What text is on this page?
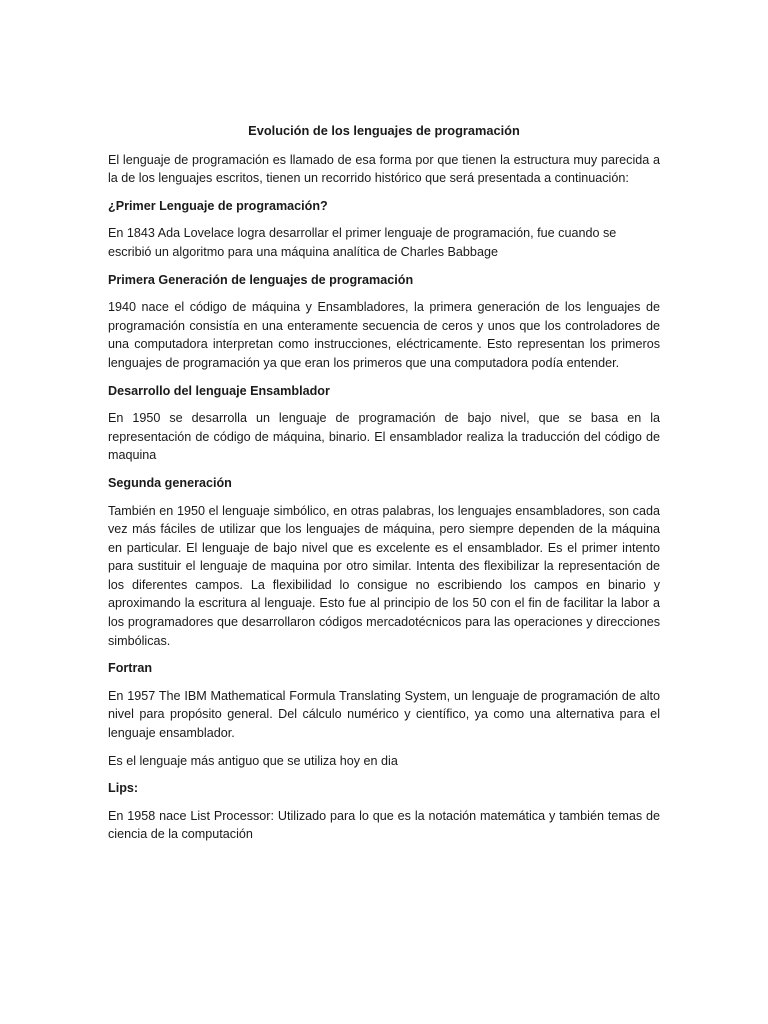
Evolución de los lenguajes de programación

El lenguaje de programación es llamado de esa forma por que tienen la estructura muy parecida a la de los lenguajes escritos, tienen un recorrido histórico que será presentada a continuación:

¿Primer Lenguaje de programación?

En 1843 Ada Lovelace logra desarrollar el primer lenguaje de programación, fue cuando se escribió un algoritmo para una máquina analítica de Charles Babbage

Primera Generación de lenguajes de programación

1940 nace el código de máquina y Ensambladores, la primera generación de los lenguajes de programación consistía en una enteramente secuencia de ceros y unos que los controladores de una computadora interpretan como instrucciones, eléctricamente. Esto representan los primeros lenguajes de programación ya que eran los primeros que una computadora podía entender.

Desarrollo del lenguaje Ensamblador

En 1950 se desarrolla un lenguaje de programación de bajo nivel, que se basa en la representación de código de máquina, binario. El ensamblador realiza la traducción del código de maquina

Segunda generación

También en 1950 el lenguaje simbólico, en otras palabras, los lenguajes ensambladores, son cada vez más fáciles de utilizar que los lenguajes de máquina, pero siempre dependen de la máquina en particular. El lenguaje de bajo nivel que es excelente es el ensamblador. Es el primer intento para sustituir el lenguaje de maquina por otro similar. Intenta des flexibilizar la representación de los diferentes campos. La flexibilidad lo consigue no escribiendo los campos en binario y aproximando la escritura al lenguaje. Esto fue al principio de los 50 con el fin de facilitar la labor a los programadores que desarrollaron códigos mercadotécnicos para las operaciones y direcciones simbólicas.

Fortran

En 1957 The IBM Mathematical Formula Translating System, un lenguaje de programación de alto nivel para propósito general. Del cálculo numérico y científico, ya como una alternativa para el lenguaje ensamblador.

Es el lenguaje más antiguo que se utiliza hoy en dia

Lips:

En 1958 nace List Processor: Utilizado para lo que es la notación matemática y también temas de ciencia de la computación
